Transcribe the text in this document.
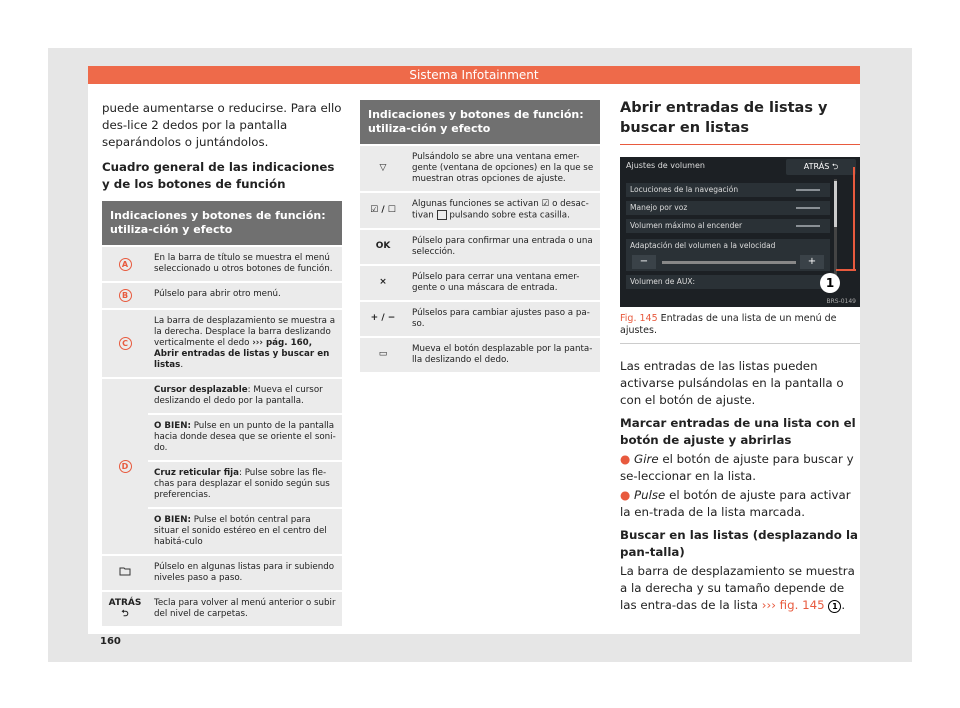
Sistema Infotainment

puede aumentarse o reducirse. Para ello des-lice 2 dedos por la pantalla separándolos o juntándolos.

Cuadro general de las indicaciones y de los botones de función

Indicaciones y botones de función: utiliza-ción y efecto	
A	En la barra de título se muestra el menú seleccionado u otros botones de función.
B	Púlselo para abrir otro menú.
C	La barra de desplazamiento se muestra a la derecha. Desplace la barra deslizando verticalmente el dedo ››› pág. 160, Abrir entradas de listas y buscar en listas.
D	Cursor desplazable: Mueva el cursor deslizando el dedo por la pantalla.
	O BIEN: Pulse en un punto de la pantalla hacia donde desea que se oriente el soni-do.
	Cruz reticular fija: Pulse sobre las fle-chas para desplazar el sonido según sus preferencias.
	O BIEN: Pulse el botón central para situar el sonido estéreo en el centro del habitá-culo
	Púlselo en algunas listas para ir subiendo niveles paso a paso.

ATRÁS
⮌	Tecla para volver al menú anterior o subir del nivel de carpetas.
Indicaciones y botones de función: utiliza-ción y efecto	
▽	Pulsándolo se abre una ventana emer-gente (ventana de opciones) en la que se muestran otras opciones de ajuste.
☑ / ☐	Algunas funciones se activan ☑ o desac-tivan pulsando sobre esta casilla.
OK	Púlselo para confirmar una entrada o una selección.
×	Púlselo para cerrar una ventana emer-gente o una máscara de entrada.
+ / −	Púlselos para cambiar ajustes paso a pa-so.
▭	Mueva el botón desplazable por la panta-lla deslizando el dedo.
Abrir entradas de listas y buscar en listas
Ajustes de volumen	ATRÁS ⮌
Locuciones de la navegación
Manejo por voz
Volumen máximo al encender
Adaptación del volumen a la velocidad
−	+
Volumen de AUX:	1
BRS-0149
Fig. 145 Entradas de una lista de un menú de ajustes.

Las entradas de las listas pueden activarse pulsándolas en la pantalla o con el botón de ajuste.

Marcar entradas de una lista con el botón de ajuste y abrirlas

● Gire el botón de ajuste para buscar y se-leccionar en la lista.

● Pulse el botón de ajuste para activar la en-trada de la lista marcada.

Buscar en las listas (desplazando la pan-talla)

La barra de desplazamiento se muestra a la derecha y su tamaño depende de las entra-das de la lista ››› fig. 145 1 .

160
